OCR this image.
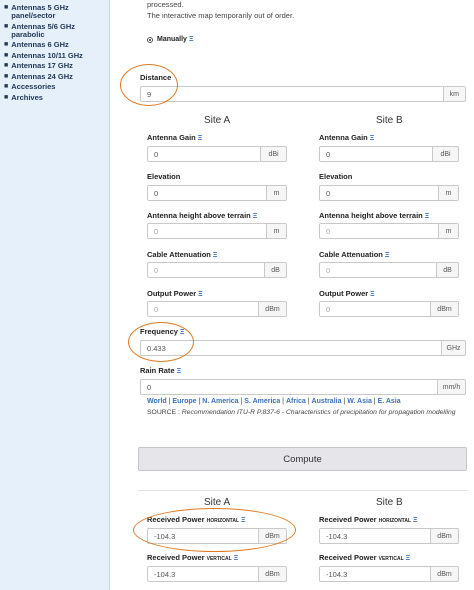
■ Antennas 5 GHz panel/sector
■ Antennas 5/6 GHz parabolic
■ Antennas 6 GHz
■ Antennas 10/11 GHz
■ Antennas 17 GHz
■ Antennas 24 GHz
■ Accessories
■ Archives
processed.
The interactive map temporarily out of order.
Manually Ξ
Distance
9	km
Site A	Site B
Antenna Gain Ξ
0	dBi
Elevation
0	m
Antenna height above terrain Ξ
0	m
Cable Attenuation Ξ
0	dB
Output Power Ξ
0	dBm
Antenna Gain Ξ
0	dBi
Elevation
0	m
Antenna height above terrain Ξ
0	m
Cable Attenuation Ξ
0	dB
Output Power Ξ
0	dBm
Frequency Ξ
0.433	GHz
Rain Rate Ξ
0	mm/h
World | Europe | N. America | S. America | Africa | Australia | W. Asia | E. Asia
SOURCE : Recommendation ITU-R P.837-6 - Characteristics of precipitation for propagation modelling
Compute
Site A	Site B
Received Power HORIZONTAL Ξ
-104.3	dBm
Received Power VERTICAL Ξ
-104.3	dBm
Received Power HORIZONTAL Ξ
-104.3	dBm
Received Power VERTICAL Ξ
-104.3	dBm
